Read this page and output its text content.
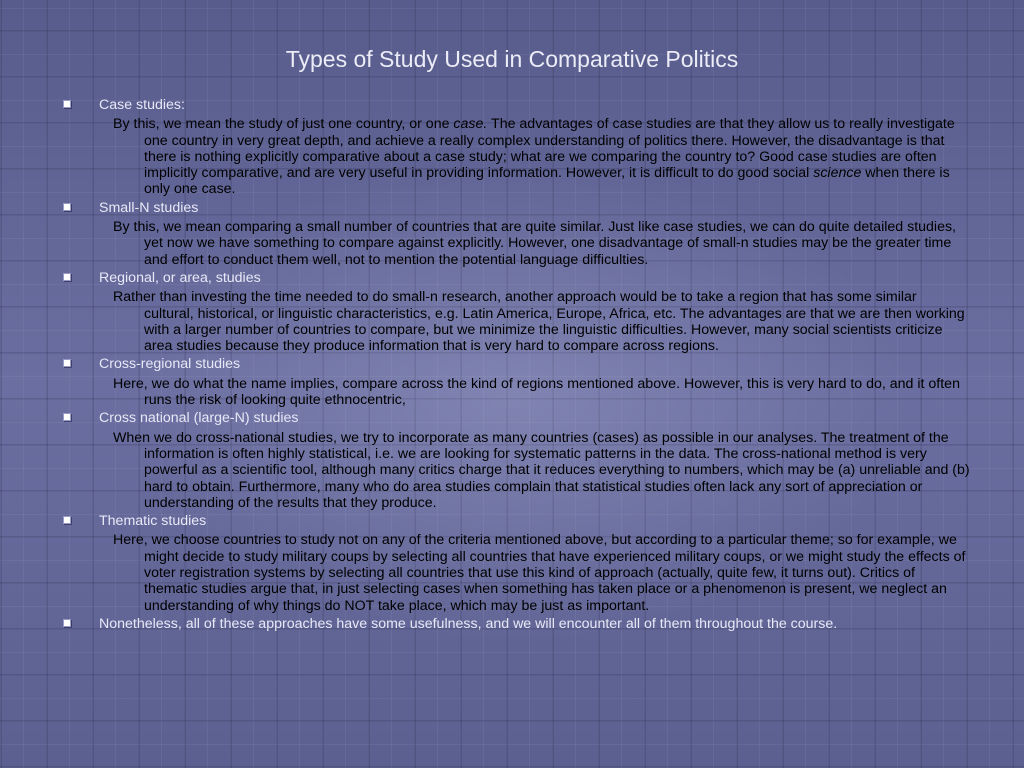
Types of Study Used in Comparative Politics
Case studies:
By this, we mean the study of just one country, or one case. The advantages of case studies are that they allow us to really investigate one country in very great depth, and achieve a really complex understanding of politics there. However, the disadvantage is that there is nothing explicitly comparative about a case study; what are we comparing the country to? Good case studies are often implicitly comparative, and are very useful in providing information. However, it is difficult to do good social science when there is only one case.
Small-N studies
By this, we mean comparing a small number of countries that are quite similar. Just like case studies, we can do quite detailed studies, yet now we have something to compare against explicitly. However, one disadvantage of small-n studies may be the greater time and effort to conduct them well, not to mention the potential language difficulties.
Regional, or area, studies
Rather than investing the time needed to do small-n research, another approach would be to take a region that has some similar cultural, historical, or linguistic characteristics, e.g. Latin America, Europe, Africa, etc. The advantages are that we are then working with a larger number of countries to compare, but we minimize the linguistic difficulties. However, many social scientists criticize area studies because they produce information that is very hard to compare across regions.
Cross-regional studies
Here, we do what the name implies, compare across the kind of regions mentioned above. However, this is very hard to do, and it often runs the risk of looking quite ethnocentric,
Cross national (large-N) studies
When we do cross-national studies, we try to incorporate as many countries (cases) as possible in our analyses. The treatment of the information is often highly statistical, i.e. we are looking for systematic patterns in the data. The cross-national method is very powerful as a scientific tool, although many critics charge that it reduces everything to numbers, which may be (a) unreliable and (b) hard to obtain. Furthermore, many who do area studies complain that statistical studies often lack any sort of appreciation or understanding of the results that they produce.
Thematic studies
Here, we choose countries to study not on any of the criteria mentioned above, but according to a particular theme; so for example, we might decide to study military coups by selecting all countries that have experienced military coups, or we might study the effects of voter registration systems by selecting all countries that use this kind of approach (actually, quite few, it turns out). Critics of thematic studies argue that, in just selecting cases when something has taken place or a phenomenon is present, we neglect an understanding of why things do NOT take place, which may be just as important.
Nonetheless, all of these approaches have some usefulness, and we will encounter all of them throughout the course.
